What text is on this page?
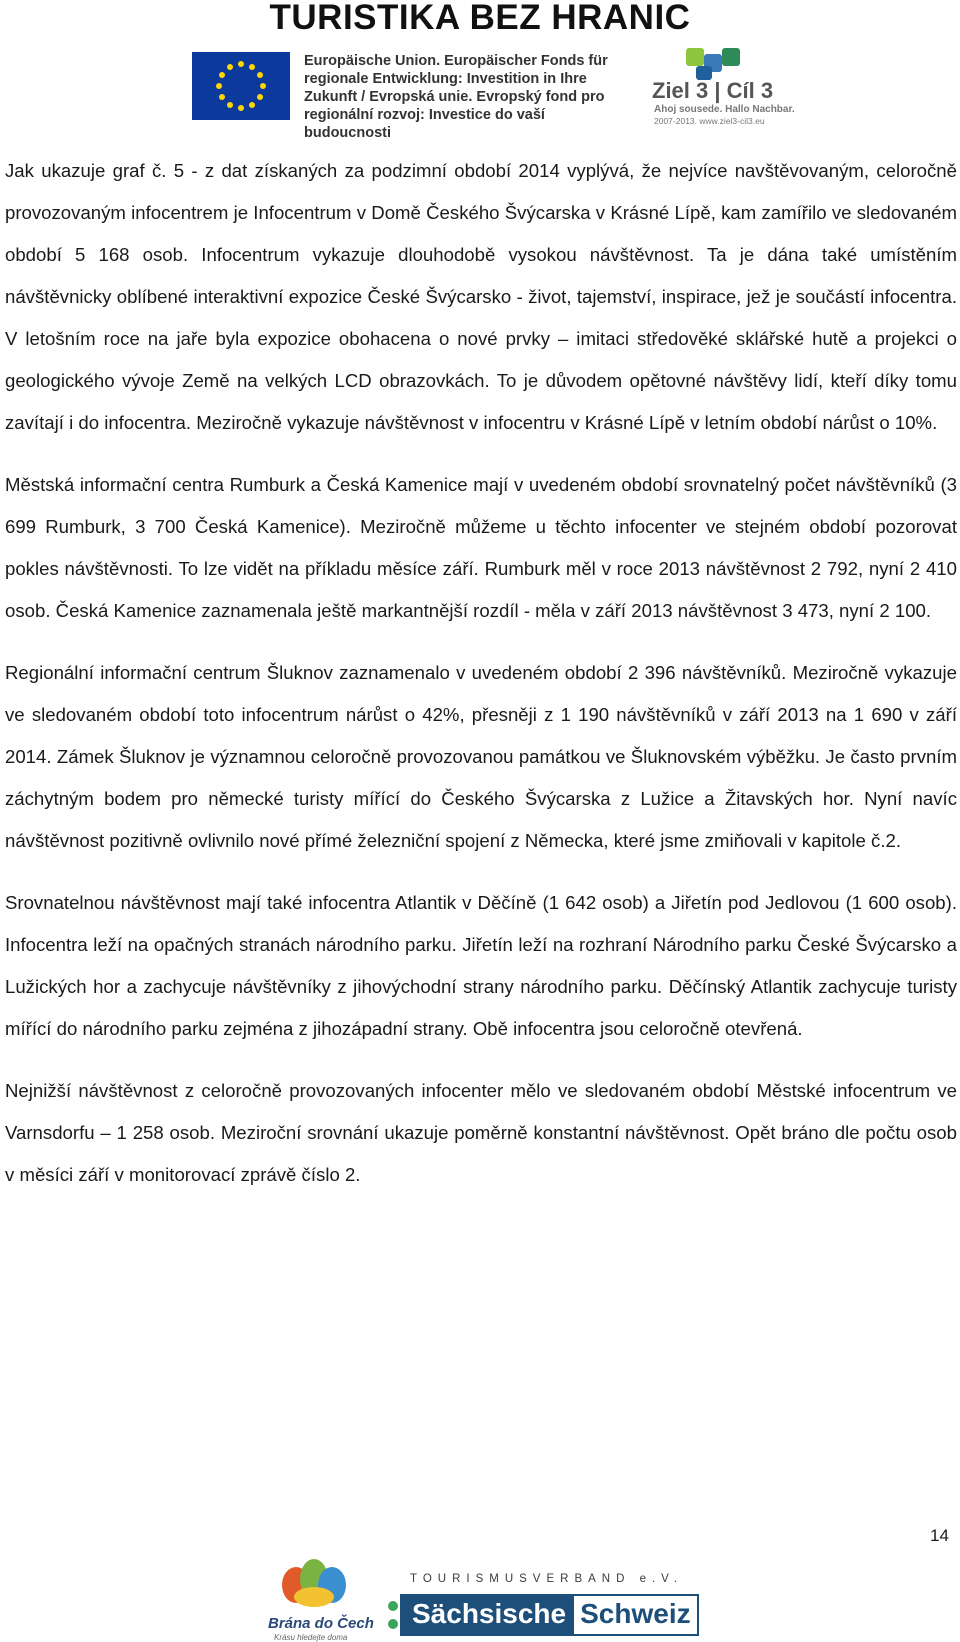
TURISTIKA BEZ HRANIC
Europäische Union. Europäischer Fonds für
regionale Entwicklung: Investition in Ihre
Zukunft / Evropská unie. Evropský fond pro
regionální rozvoj: Investice do vaší budoucnosti
Ziel 3 | Cíl 3
Ahoj sousede. Hallo Nachbar.
2007-2013. www.ziel3-cil3.eu

Jak ukazuje graf č. 5 - z dat získaných za podzimní období 2014 vyplývá, že nejvíce navštěvovaným, celoročně provozovaným infocentrem je Infocentrum v Domě Českého Švýcarska v Krásné Lípě, kam zamířilo ve sledovaném období 5 168 osob. Infocentrum vykazuje dlouhodobě vysokou návštěvnost. Ta je dána také umístěním návštěvnicky oblíbené interaktivní expozice České Švýcarsko - život, tajemství, inspirace, jež je součástí infocentra. V letošním roce na jaře byla expozice obohacena o nové prvky – imitaci středověké sklářské hutě a projekci o geologického vývoje Země na velkých LCD obrazovkách. To je důvodem opětovné návštěvy lidí, kteří díky tomu zavítají i do infocentra. Meziročně vykazuje návštěvnost v infocentru v Krásné Lípě v letním období nárůst o 10%.

Městská informační centra Rumburk a Česká Kamenice mají v uvedeném období srovnatelný počet návštěvníků (3 699 Rumburk, 3 700 Česká Kamenice). Meziročně můžeme u těchto infocenter ve stejném období pozorovat pokles návštěvnosti. To lze vidět na příkladu měsíce září. Rumburk měl v roce 2013 návštěvnost 2 792, nyní 2 410 osob. Česká Kamenice zaznamenala ještě markantnější rozdíl - měla v září 2013 návštěvnost 3 473, nyní 2 100.

Regionální informační centrum Šluknov zaznamenalo v uvedeném období 2 396 návštěvníků. Meziročně vykazuje ve sledovaném období toto infocentrum nárůst o 42%, přesněji z 1 190 návštěvníků v září 2013 na 1 690 v září 2014. Zámek Šluknov je významnou celoročně provozovanou památkou ve Šluknovském výběžku. Je často prvním záchytným bodem pro německé turisty mířící do Českého Švýcarska z Lužice a Žitavských hor. Nyní navíc návštěvnost pozitivně ovlivnilo nové přímé železniční spojení z Německa, které jsme zmiňovali v kapitole č.2.

Srovnatelnou návštěvnost mají také infocentra Atlantik v Děčíně (1 642 osob) a Jiřetín pod Jedlovou (1 600 osob). Infocentra leží na opačných stranách národního parku. Jiřetín leží na rozhraní Národního parku České Švýcarsko a Lužických hor a zachycuje návštěvníky z jihovýchodní strany národního parku. Děčínský Atlantik zachycuje turisty mířící do národního parku zejména z jihozápadní strany. Obě infocentra jsou celoročně otevřená.

Nejnižší návštěvnost z celoročně provozovaných infocenter mělo ve sledovaném období Městské infocentrum ve Varnsdorfu – 1 258 osob. Meziroční srovnání ukazuje poměrně konstantní návštěvnost. Opět bráno dle počtu osob v měsíci září v monitorovací zprávě číslo 2.

14
Brána do Čech
Krásu hledejte doma
TOURISMUSVERBAND e.V.
Sächsische Schweiz
